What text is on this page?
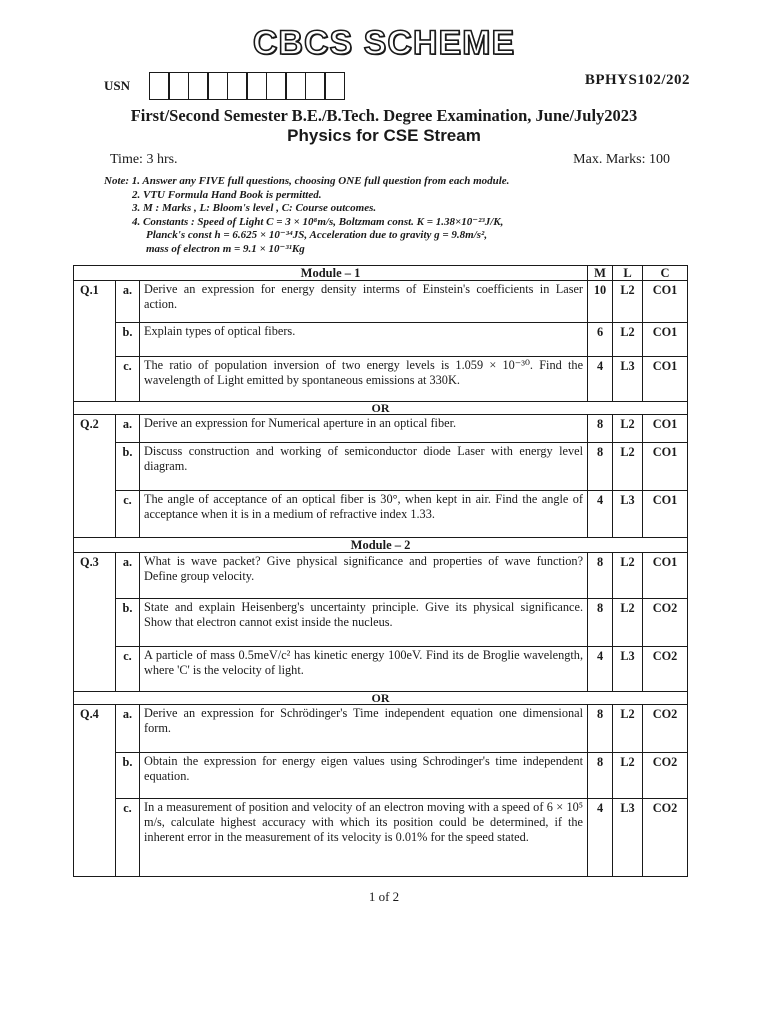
CBCS SCHEME
USN	BPHYS102/202
First/Second Semester B.E./B.Tech. Degree Examination, June/July2023
Physics for CSE Stream
Time: 3 hrs.	Max. Marks: 100
Note: 1. Answer any FIVE full questions, choosing ONE full question from each module.
2. VTU Formula Hand Book is permitted.
3. M : Marks , L: Bloom's level , C: Course outcomes.
4. Constants : Speed of Light C = 3 × 10⁸m/s, Boltzmam const. K = 1.38×10⁻²³J/K,
Planck's const h = 6.625 × 10⁻³⁴JS, Acceleration due to gravity g = 9.8m/s²,
mass of electron m = 9.1 × 10⁻³¹Kg
Module – 1			M	L	C
Q.1	a.	Derive an expression for energy density interms of Einstein's coefficients in Laser action.	10	L2	CO1
	b.	Explain types of optical fibers.	6	L2	CO1
	c.	The ratio of population inversion of two energy levels is 1.059 × 10⁻³⁰. Find the wavelength of Light emitted by spontaneous emissions at 330K.	4	L3	CO1
OR					
Q.2	a.	Derive an expression for Numerical aperture in an optical fiber.	8	L2	CO1
	b.	Discuss construction and working of semiconductor diode Laser with energy level diagram.	8	L2	CO1
	c.	The angle of acceptance of an optical fiber is 30°, when kept in air. Find the angle of acceptance when it is in a medium of refractive index 1.33.	4	L3	CO1
Module – 2					
Q.3	a.	What is wave packet? Give physical significance and properties of wave function? Define group velocity.	8	L2	CO1
	b.	State and explain Heisenberg's uncertainty principle. Give its physical significance. Show that electron cannot exist inside the nucleus.	8	L2	CO2
	c.	A particle of mass 0.5meV/c² has kinetic energy 100eV. Find its de Broglie wavelength, where 'C' is the velocity of light.	4	L3	CO2
OR					
Q.4	a.	Derive an expression for Schrödinger's Time independent equation one dimensional form.	8	L2	CO2
	b.	Obtain the expression for energy eigen values using Schrodinger's time independent equation.	8	L2	CO2
	c.	In a measurement of position and velocity of an electron moving with a speed of 6 × 10⁵ m/s, calculate highest accuracy with which its position could be determined, if the inherent error in the measurement of its velocity is 0.01% for the speed stated.	4	L3	CO2
1 of 2
